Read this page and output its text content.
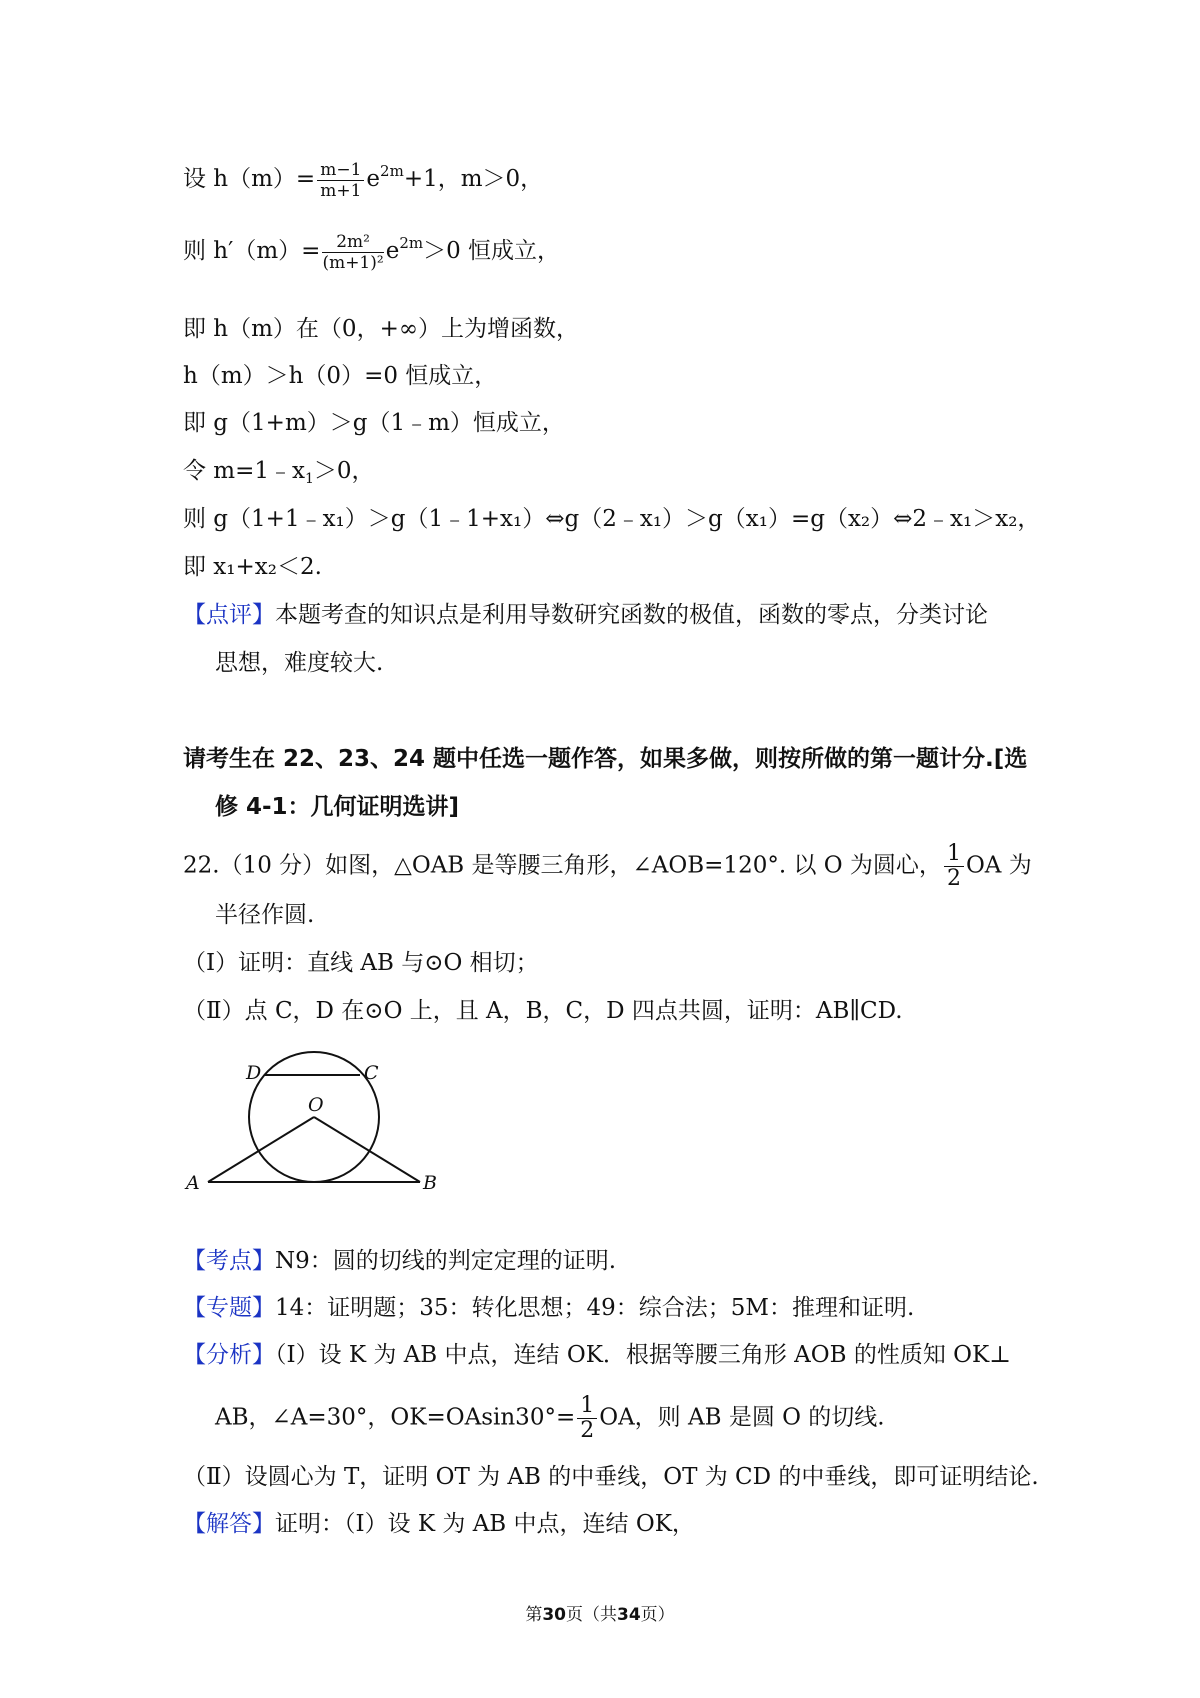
设 $h(m)= \frac{m-1}{m+1} e^{2m}+1$，m＞0，
则 $h'(m)= \frac{\text{2m²}}{\text{(m+1)²}} e^{2m}>0$ 恒成立，
即 h（m）在（0，+∞）上为增函数，
h（m）＞h（0）=0 恒成立，
即 g（1+m）＞g（1﹣m）恒成立，
令 $m=1﹣x_1>0$，
则 g（1+1﹣x₁）＞g（1﹣1+x₁）⇔g（2﹣x₁）＞g（x₁）=g（x₂）⇔2﹣x₁＞x₂，
即 x₁+x₂＜2.
【点评】本题考查的知识点是利用导数研究函数的极值，函数的零点，分类讨论
思想，难度较大.
请考生在 22、23、24 题中任选一题作答，如果多做，则按所做的第一题计分.[选
修 4-1：几何证明选讲]
22.（10 分）如图，△OAB 是等腰三角形，∠AOB=120°. 以 O 为圆心， $\frac{1}{2}$ OA 为
半径作圆.
（Ⅰ）证明：直线 AB 与⊙O 相切；
（Ⅱ）点 C，D 在⊙O 上，且 A，B，C，D 四点共圆，证明：AB∥CD.
D	C
O
A	B
【考点】N9：圆的切线的判定定理的证明.
【专题】14：证明题；35：转化思想；49：综合法；5M：推理和证明.
【分析】（Ⅰ）设 K 为 AB 中点，连结 OK．根据等腰三角形 AOB 的性质知 OK⊥
AB，∠A=30°，$OK=OAsin30^\circ= \frac{1}{2}$ OA，则 AB 是圆 O 的切线.
（Ⅱ）设圆心为 T，证明 OT 为 AB 的中垂线，OT 为 CD 的中垂线，即可证明结论.
【解答】证明：（Ⅰ）设 K 为 AB 中点，连结 OK，
第30页（共34页）
